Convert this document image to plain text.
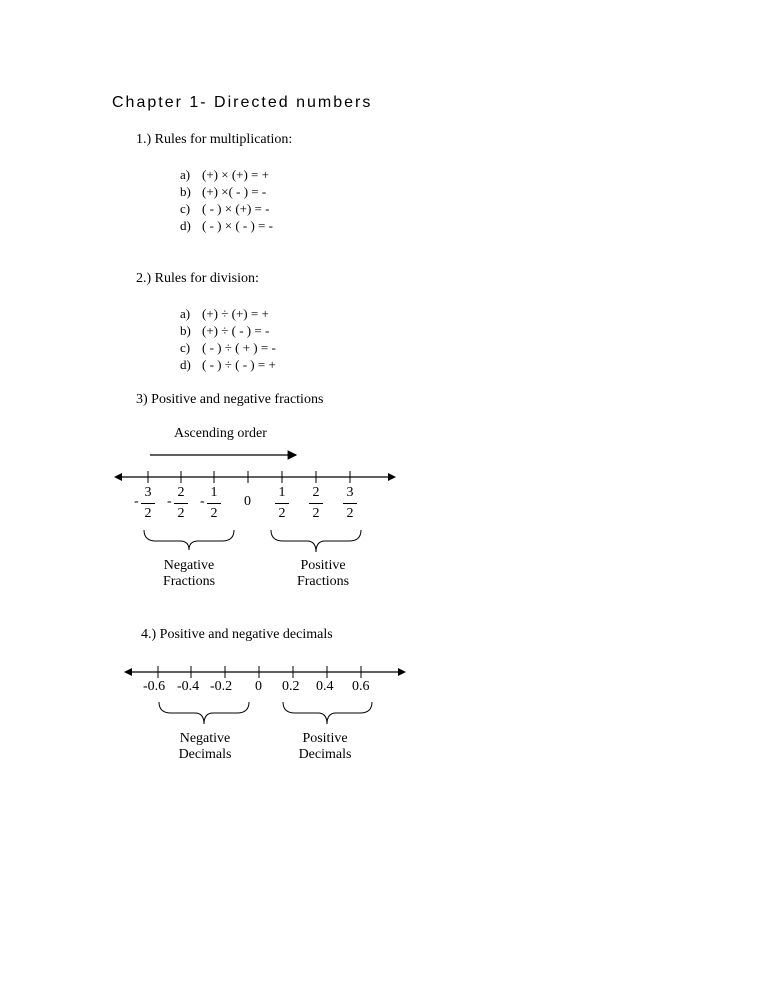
Chapter 1- Directed numbers
1.) Rules for multiplication:
a) (+) × (+) = +
b) (+) ×( - ) = -
c) ( - ) × (+) = -
d) ( - ) × ( - ) = -
2.) Rules for division:
a) (+) ÷ (+) = +
b) (+) ÷ ( - ) = -
c) ( - ) ÷ ( + ) = -
d) ( - ) ÷ ( - ) = +
3) Positive and negative fractions
Ascending order
-
3
2
-
2
2
-
1
2
0
1
2
2
2
3
2
Negative
Fractions
Positive
Fractions
4.) Positive and negative decimals
-0.6 -0.4 -0.2 0 0.2 0.4 0.6
Negative
Decimals
Positive
Decimals
